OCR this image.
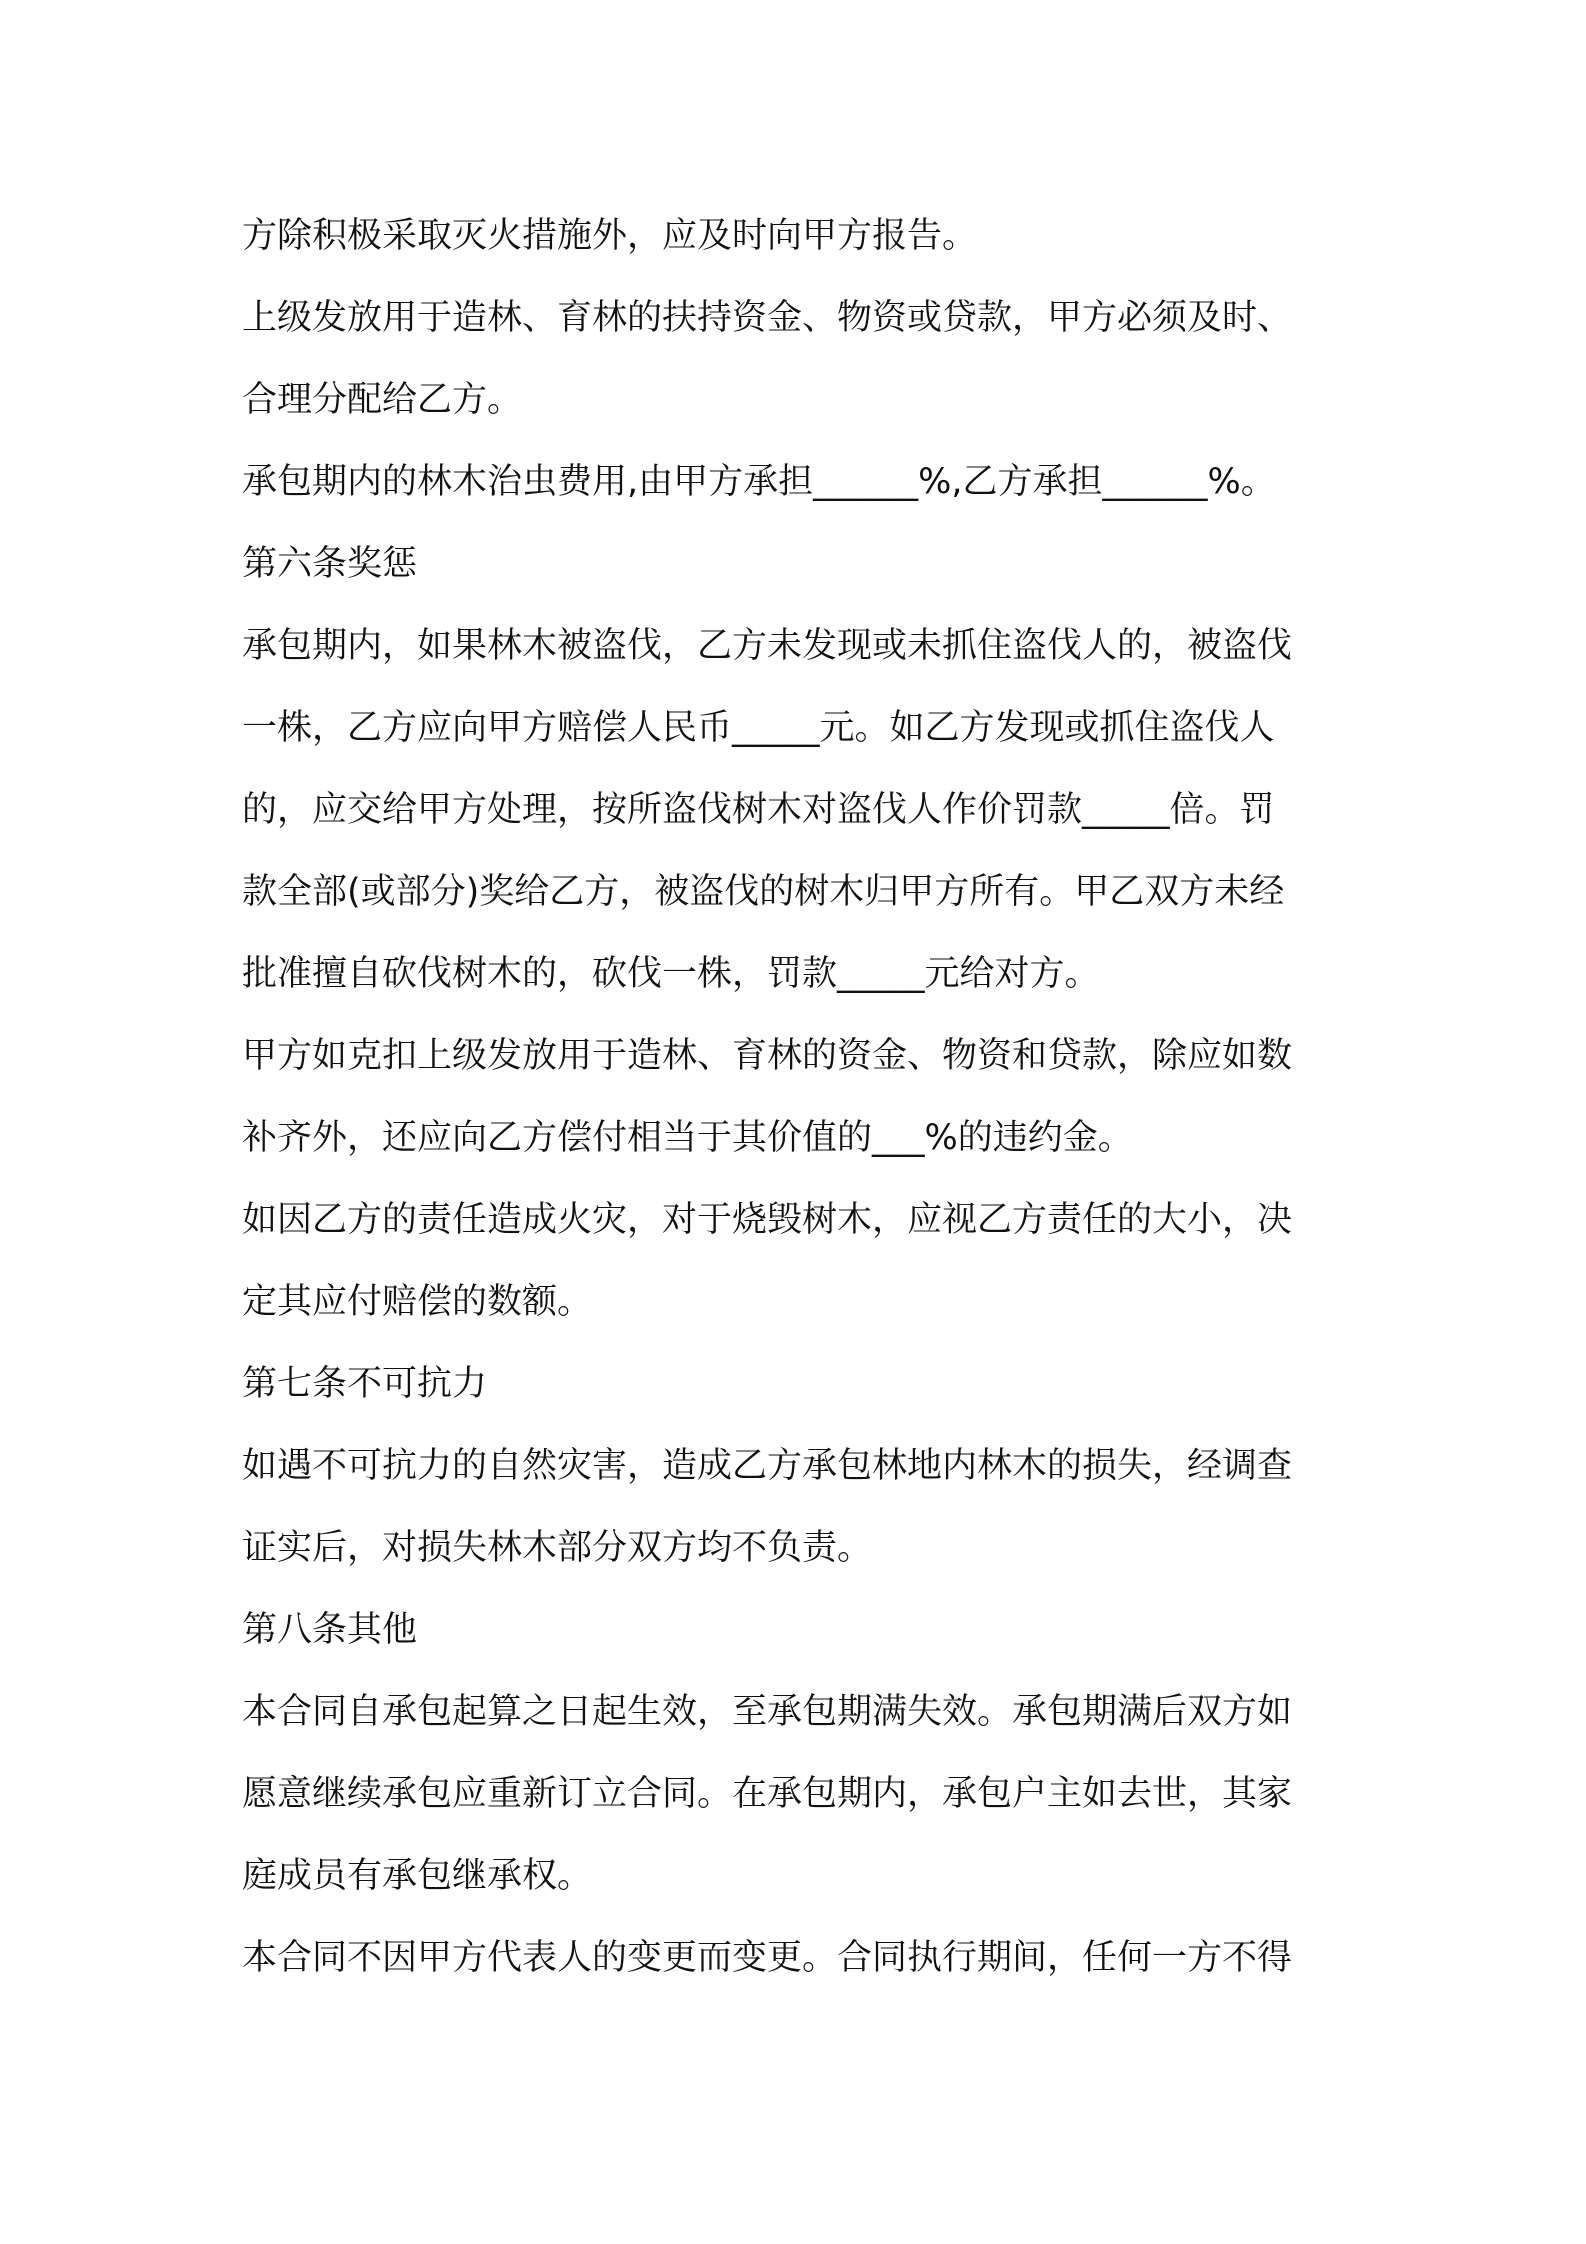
方除积极采取灭火措施外，应及时向甲方报告。

上级发放用于造林、育林的扶持资金、物资或贷款，甲方必须及时、

合理分配给乙方。

承包期内的林木治虫费用,由甲方承担______%,乙方承担______%。

第六条奖惩

承包期内，如果林木被盗伐，乙方未发现或未抓住盗伐人的，被盗伐

一株，乙方应向甲方赔偿人民币_____元。如乙方发现或抓住盗伐人

的，应交给甲方处理，按所盗伐树木对盗伐人作价罚款_____倍。罚

款全部(或部分)奖给乙方，被盗伐的树木归甲方所有。甲乙双方未经

批准擅自砍伐树木的，砍伐一株，罚款_____元给对方。

甲方如克扣上级发放用于造林、育林的资金、物资和贷款，除应如数

补齐外，还应向乙方偿付相当于其价值的___%的违约金。

如因乙方的责任造成火灾，对于烧毁树木，应视乙方责任的大小，决

定其应付赔偿的数额。

第七条不可抗力

如遇不可抗力的自然灾害，造成乙方承包林地内林木的损失，经调查

证实后，对损失林木部分双方均不负责。

第八条其他

本合同自承包起算之日起生效，至承包期满失效。承包期满后双方如

愿意继续承包应重新订立合同。在承包期内，承包户主如去世，其家

庭成员有承包继承权。

本合同不因甲方代表人的变更而变更。合同执行期间，任何一方不得
